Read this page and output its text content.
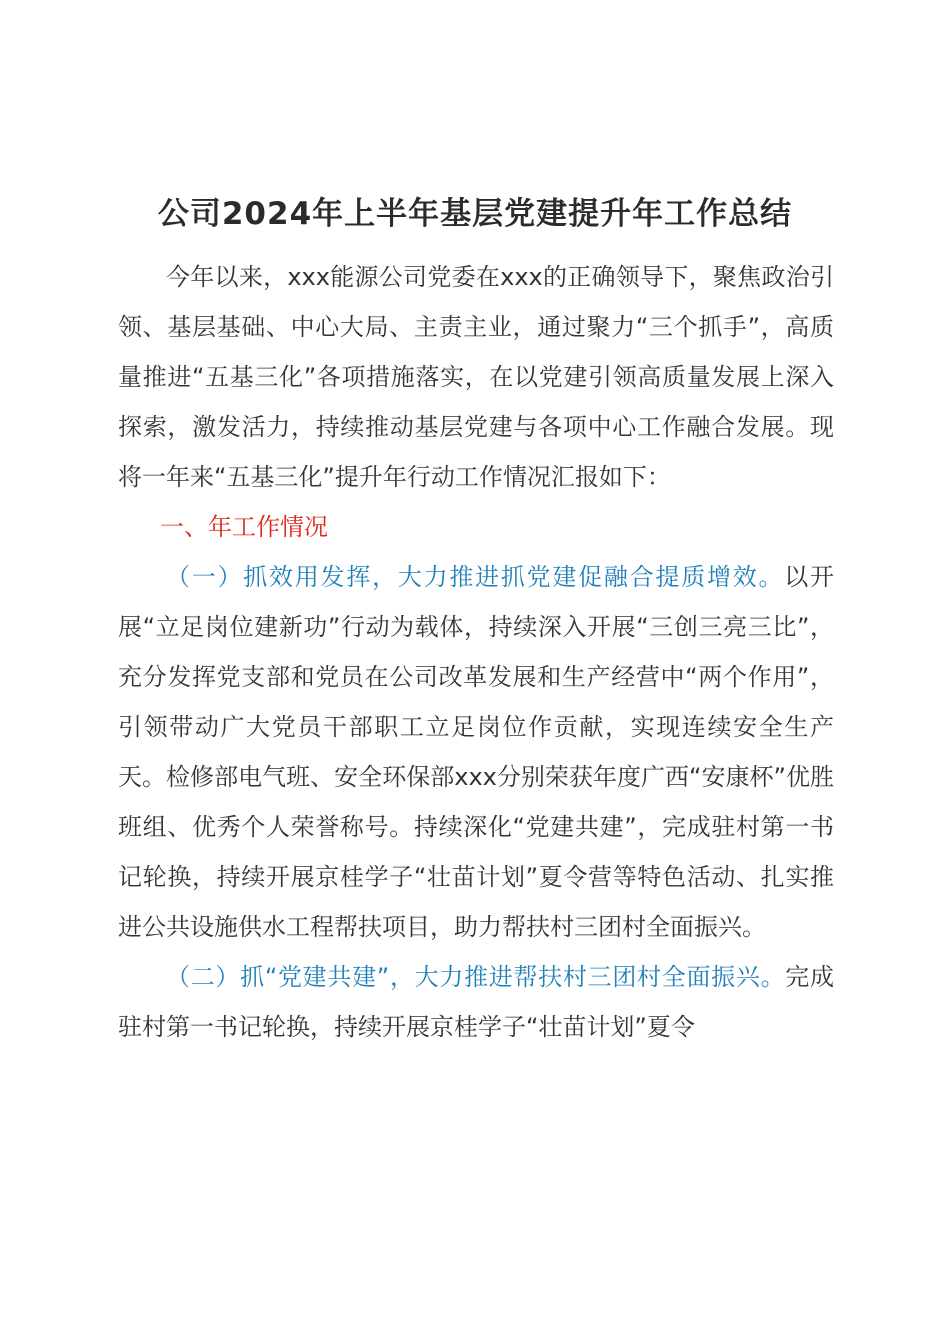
公司2024年上半年基层党建提升年工作总结

今年以来，xxx能源公司党委在xxx的正确领导下，聚焦政治引领、基层基础、中心大局、主责主业，通过聚力“三个抓手”，高质量推进“五基三化”各项措施落实，在以党建引领高质量发展上深入探索，激发活力，持续推动基层党建与各项中心工作融合发展。现将一年来“五基三化”提升年行动工作情况汇报如下：

一、年工作情况

（一）抓效用发挥，大力推进抓党建促融合提质增效。以开展“立足岗位建新功”行动为载体，持续深入开展“三创三亮三比”，充分发挥党支部和党员在公司改革发展和生产经营中“两个作用”，引领带动广大党员干部职工立足岗位作贡献，实现连续安全生产天。检修部电气班、安全环保部xxx分别荣获年度广西“安康杯”优胜班组、优秀个人荣誉称号。持续深化“党建共建”，完成驻村第一书记轮换，持续开展京桂学子“壮苗计划”夏令营等特色活动、扎实推进公共设施供水工程帮扶项目，助力帮扶村三团村全面振兴。

（二）抓“党建共建”，大力推进帮扶村三团村全面振兴。完成驻村第一书记轮换，持续开展京桂学子“壮苗计划”夏令
